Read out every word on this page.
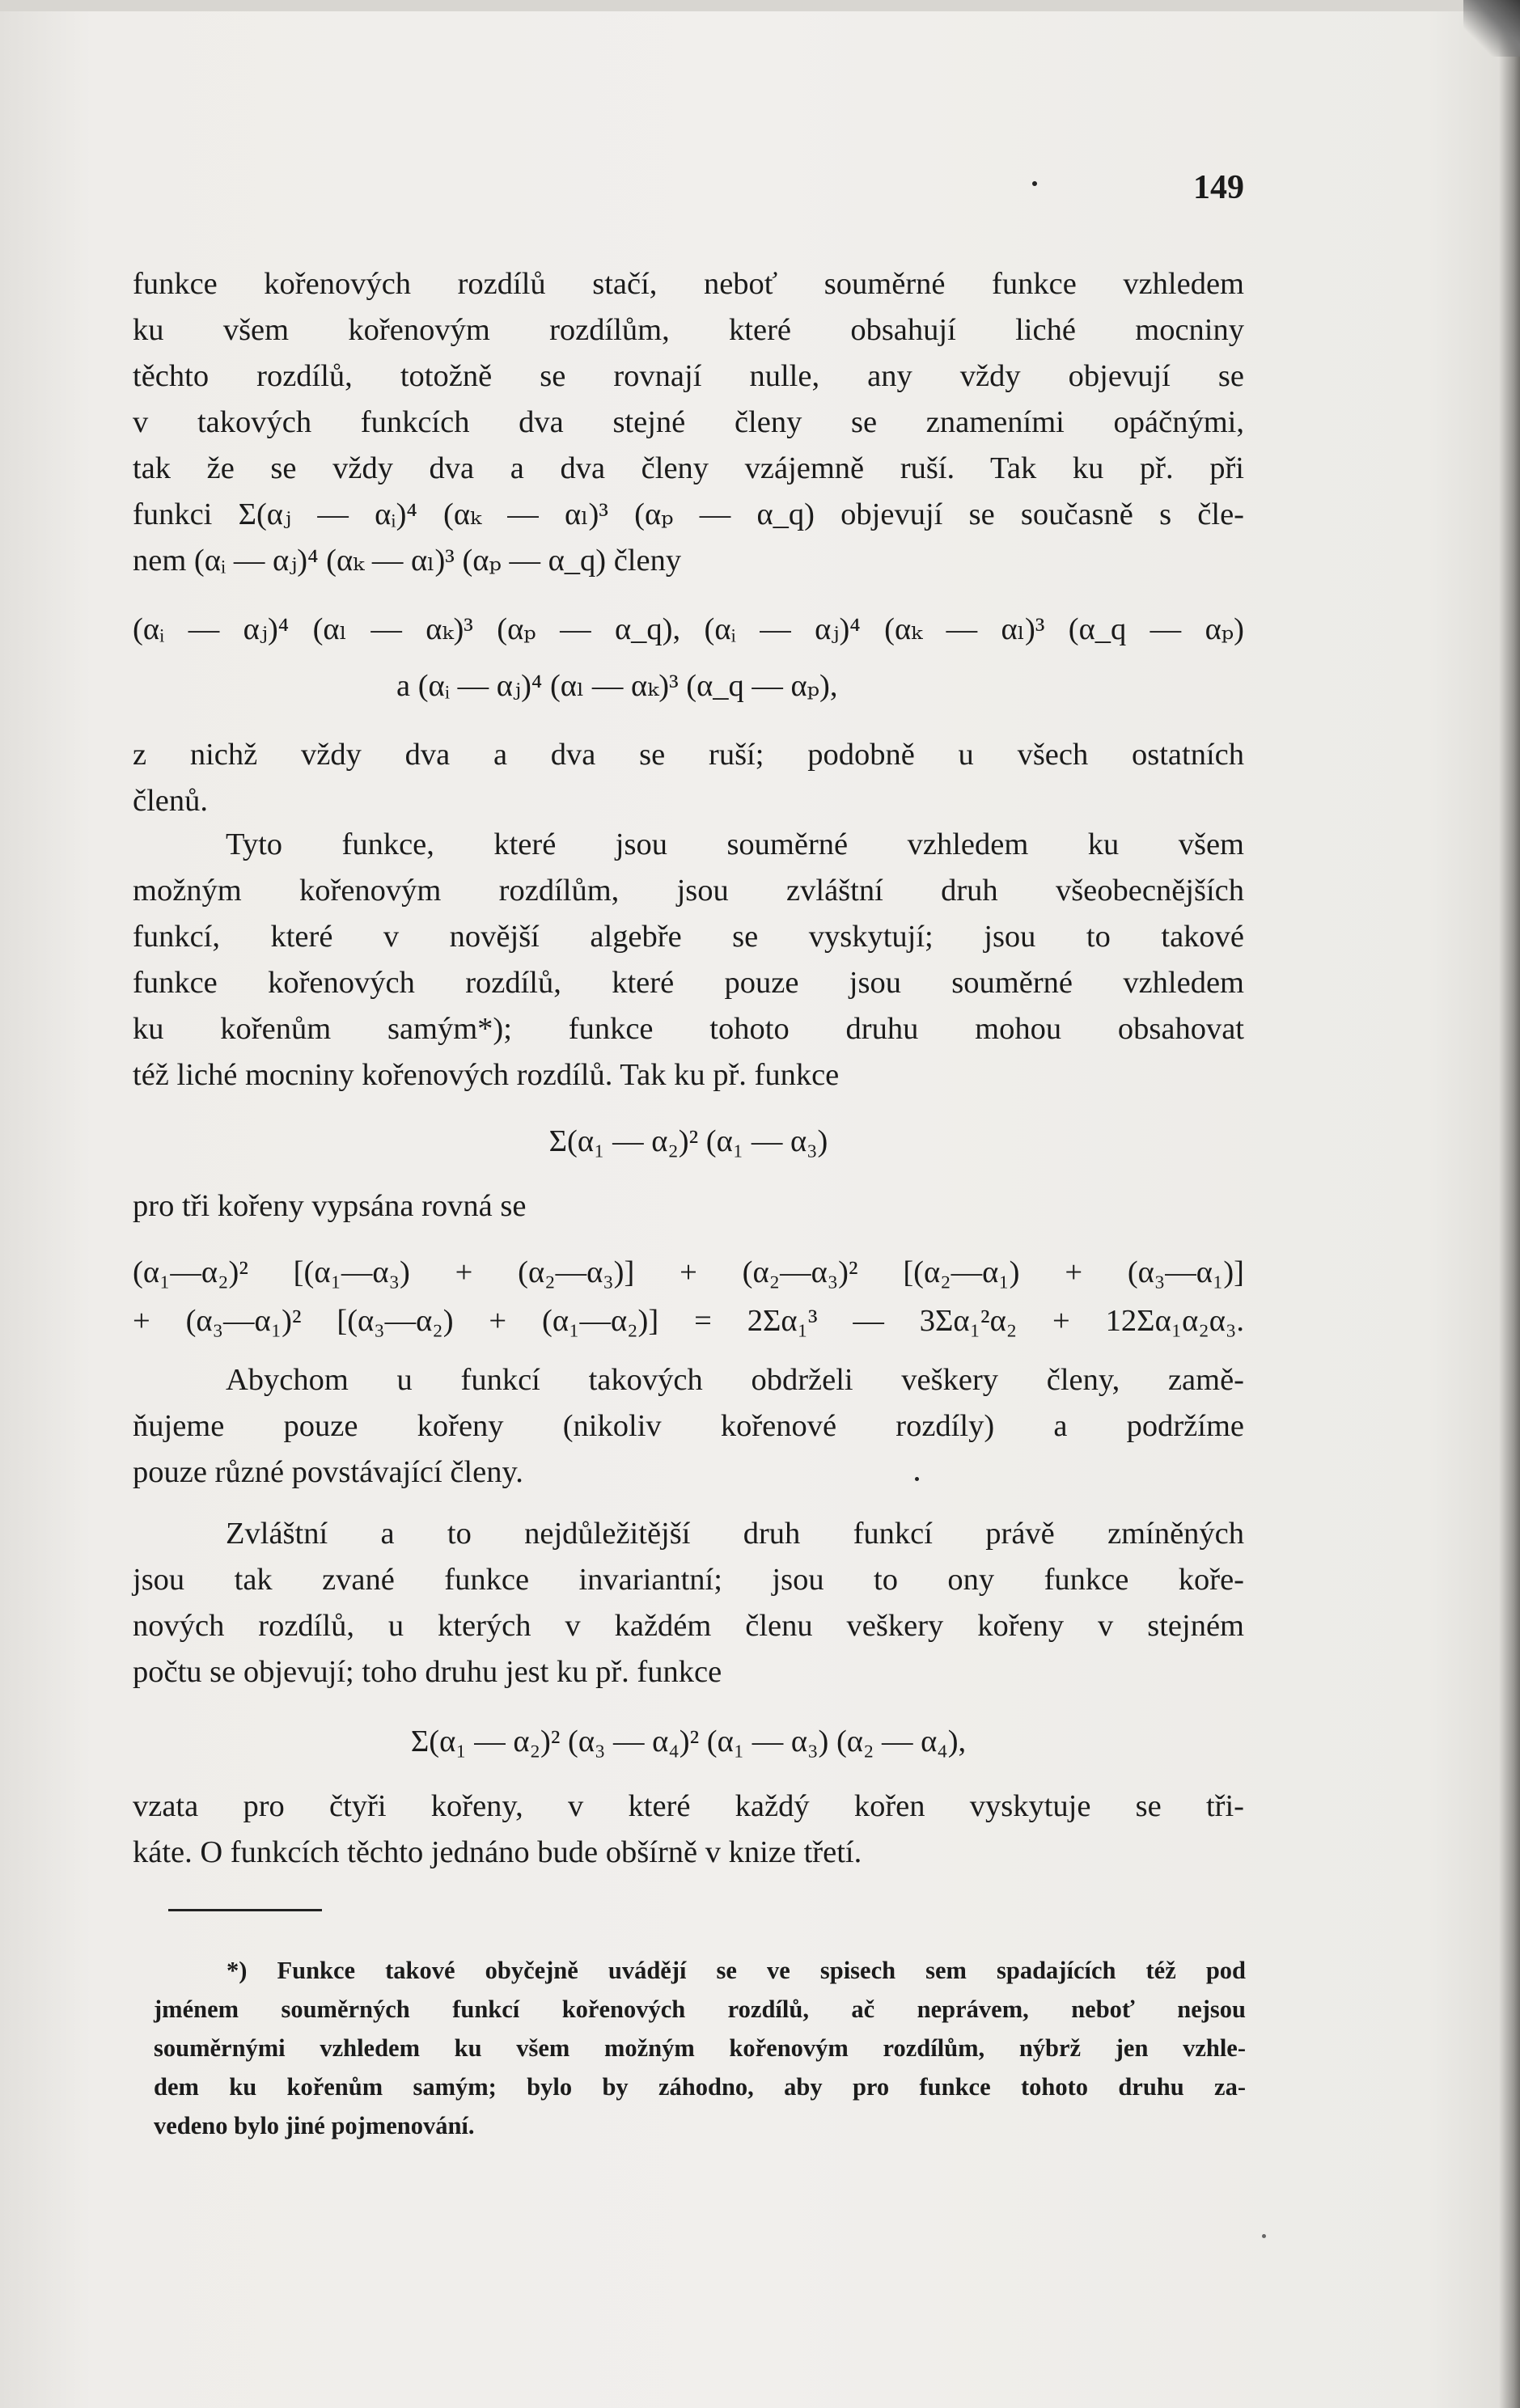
149
funkce kořenových rozdílů stačí, neboť souměrné funkce vzhledem
ku všem kořenovým rozdílům, které obsahují liché mocniny
těchto rozdílů, totožně se rovnají nulle, any vždy objevují se
v takových funkcích dva stejné členy se znameními opáčnými,
tak že se vždy dva a dva členy vzájemně ruší. Tak ku př. při
funkci Σ(αⱼ — αᵢ)⁴ (αₖ — αₗ)³ (αₚ — α_q) objevují se současně s čle-
nem (αᵢ — αⱼ)⁴ (αₖ — αₗ)³ (αₚ — α_q) členy
(αᵢ — αⱼ)⁴ (αₗ — αₖ)³ (αₚ — α_q), (αᵢ — αⱼ)⁴ (αₖ — αₗ)³ (α_q — αₚ)
a (αᵢ — αⱼ)⁴ (αₗ — αₖ)³ (α_q — αₚ),
z nichž vždy dva a dva se ruší; podobně u všech ostatních
členů.
Tyto funkce, které jsou souměrné vzhledem ku všem
možným kořenovým rozdílům, jsou zvláštní druh všeobecnějších
funkcí, které v novější algebře se vyskytují; jsou to takové
funkce kořenových rozdílů, které pouze jsou souměrné vzhledem
ku kořenům samým*); funkce tohoto druhu mohou obsahovat
též liché mocniny kořenových rozdílů. Tak ku př. funkce
Σ(α₁ — α₂)² (α₁ — α₃)
pro tři kořeny vypsána rovná se
(α₁—α₂)² [(α₁—α₃) + (α₂—α₃)] + (α₂—α₃)² [(α₂—α₁) + (α₃—α₁)]
+ (α₃—α₁)² [(α₃—α₂) + (α₁—α₂)] = 2Σα₁³ — 3Σα₁²α₂ + 12Σα₁α₂α₃.
Abychom u funkcí takových obdrželi veškery členy, zamě-
ňujeme pouze kořeny (nikoliv kořenové rozdíly) a podržíme
pouze různé povstávající členy.
Zvláštní a to nejdůležitější druh funkcí právě zmíněných
jsou tak zvané funkce invariantní; jsou to ony funkce kořе-
nových rozdílů, u kterých v každém členu veškery kořeny v stejném
počtu se objevují; toho druhu jest ku př. funkce
Σ(α₁ — α₂)² (α₃ — α₄)² (α₁ — α₃) (α₂ — α₄),
vzata pro čtyři kořeny, v které každý kořen vyskytuje se tři-
káte. O funkcích těchto jednáno bude obšírně v knize třetí.
*) Funkce takové obyčejně uvádějí se ve spisech sem spadajících též pod
jménem souměrných funkcí kořenových rozdílů, ač neprávem, neboť nejsou
souměrnými vzhledem ku všem možným kořenovým rozdílům, nýbrž jen vzhle-
dem ku kořenům samým; bylo by záhodno, aby pro funkce tohoto druhu za-
vedeno bylo jiné pojmenování.
